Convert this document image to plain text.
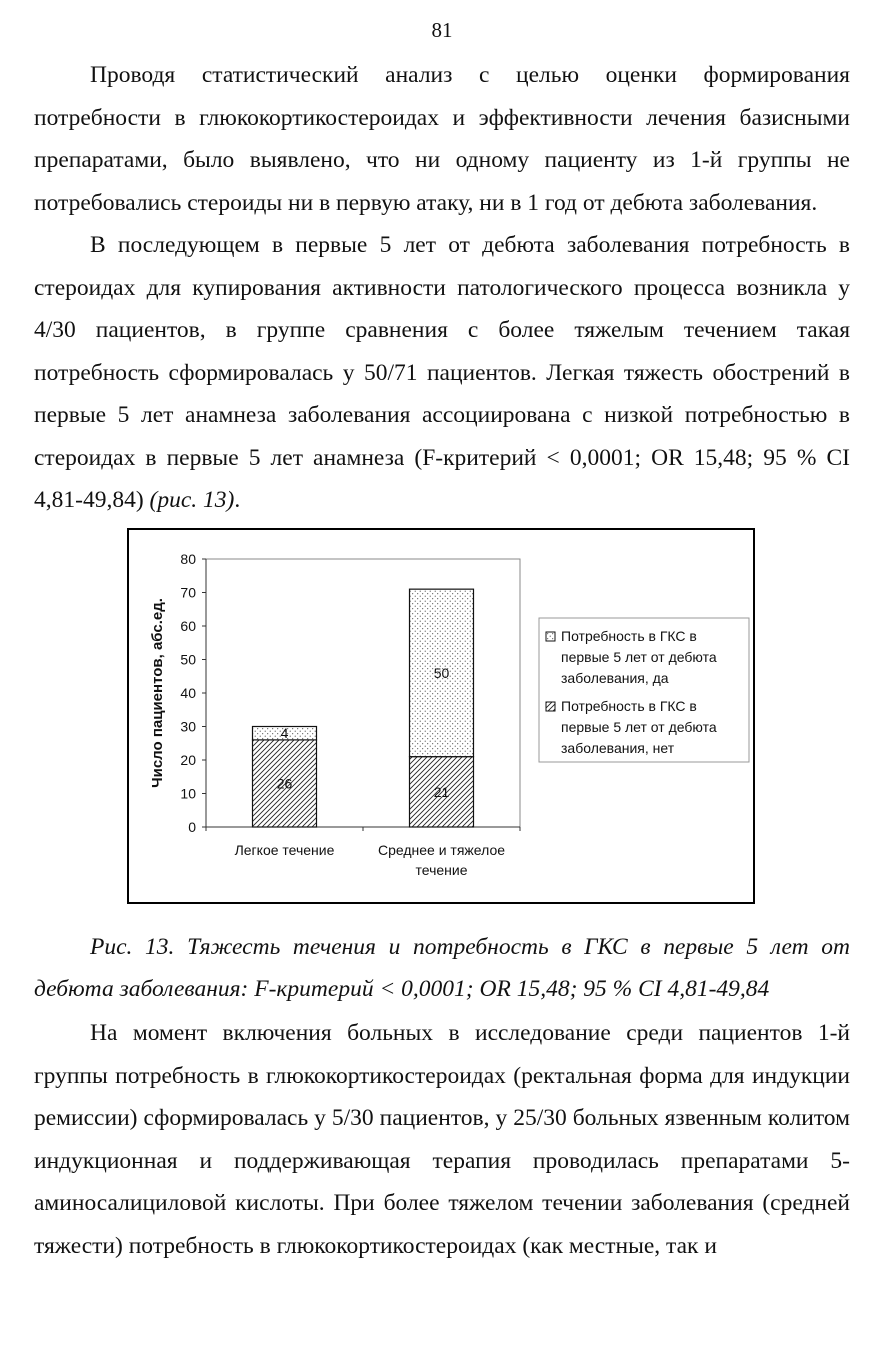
81

Проводя статистический анализ с целью оценки формирования потребности в глюкокортикостероидах и эффективности лечения базисными препаратами, было выявлено, что ни одному пациенту из 1-й группы не потребовались стероиды ни в первую атаку, ни в 1 год от дебюта заболевания.

В последующем в первые 5 лет от дебюта заболевания потребность в стероидах для купирования активности патологического процесса возникла у 4/30 пациентов, в группе сравнения с более тяжелым течением такая потребность сформировалась у 50/71 пациентов. Легкая тяжесть обострений в первые 5 лет анамнеза заболевания ассоциирована с низкой потребностью в стероидах в первые 5 лет анамнеза (F-критерий < 0,0001; OR 15,48; 95 % CI 4,81-49,84) (рис. 13).

0
10
20
30
40
50
60
70
80
Число пациентов, абс.ед.	26
4
Легкое течение
21
50
Среднее и тяжелое
течение
Потребность в ГКС в
первые 5 лет от дебюта
заболевания, да
Потребность в ГКС в
первые 5 лет от дебюта
заболевания, нет

Рис. 13. Тяжесть течения и потребность в ГКС в первые 5 лет от дебюта заболевания: F-критерий < 0,0001; OR 15,48; 95 % CI 4,81-49,84

На момент включения больных в исследование среди пациентов 1-й группы потребность в глюкокортикостероидах (ректальная форма для индукции ремиссии) сформировалась у 5/30 пациентов, у 25/30 больных язвенным колитом индукционная и поддерживающая терапия проводилась препаратами 5-аминосалициловой кислоты. При более тяжелом течении заболевания (средней тяжести) потребность в глюкокортикостероидах (как местные, так и
